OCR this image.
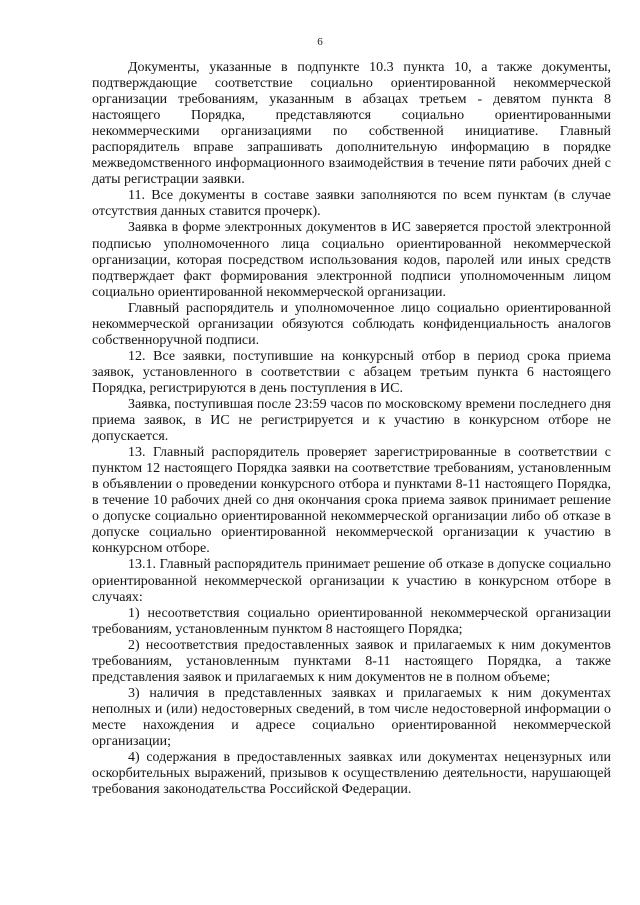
6

Документы, указанные в подпункте 10.3 пункта 10, а также документы, подтверждающие соответствие социально ориентированной некоммерческой организации требованиям, указанным в абзацах третьем - девятом пункта 8 настоящего Порядка, представляются социально ориентированными некоммерческими организациями по собственной инициативе. Главный распорядитель вправе запрашивать дополнительную информацию в порядке межведомственного информационного взаимодействия в течение пяти рабочих дней с даты регистрации заявки.

11. Все документы в составе заявки заполняются по всем пунктам (в случае отсутствия данных ставится прочерк).

Заявка в форме электронных документов в ИС заверяется простой электронной подписью уполномоченного лица социально ориентированной некоммерческой организации, которая посредством использования кодов, паролей или иных средств подтверждает факт формирования электронной подписи уполномоченным лицом социально ориентированной некоммерческой организации.

Главный распорядитель и уполномоченное лицо социально ориентированной некоммерческой организации обязуются соблюдать конфиденциальность аналогов собственноручной подписи.

12. Все заявки, поступившие на конкурсный отбор в период срока приема заявок, установленного в соответствии с абзацем третьим пункта 6 настоящего Порядка, регистрируются в день поступления в ИС.

Заявка, поступившая после 23:59 часов по московскому времени последнего дня приема заявок, в ИС не регистрируется и к участию в конкурсном отборе не допускается.

13. Главный распорядитель проверяет зарегистрированные в соответствии с пунктом 12 настоящего Порядка заявки на соответствие требованиям, установленным в объявлении о проведении конкурсного отбора и пунктами 8-11 настоящего Порядка, в течение 10 рабочих дней со дня окончания срока приема заявок принимает решение о допуске социально ориентированной некоммерческой организации либо об отказе в допуске социально ориентированной некоммерческой организации к участию в конкурсном отборе.

13.1. Главный распорядитель принимает решение об отказе в допуске социально ориентированной некоммерческой организации к участию в конкурсном отборе в случаях:

1) несоответствия социально ориентированной некоммерческой организации требованиям, установленным пунктом 8 настоящего Порядка;

2) несоответствия предоставленных заявок и прилагаемых к ним документов требованиям, установленным пунктами 8-11 настоящего Порядка, а также представления заявок и прилагаемых к ним документов не в полном объеме;

3) наличия в представленных заявках и прилагаемых к ним документах неполных и (или) недостоверных сведений, в том числе недостоверной информации о месте нахождения и адресе социально ориентированной некоммерческой организации;

4) содержания в предоставленных заявках или документах нецензурных или оскорбительных выражений, призывов к осуществлению деятельности, нарушающей требования законодательства Российской Федерации.
